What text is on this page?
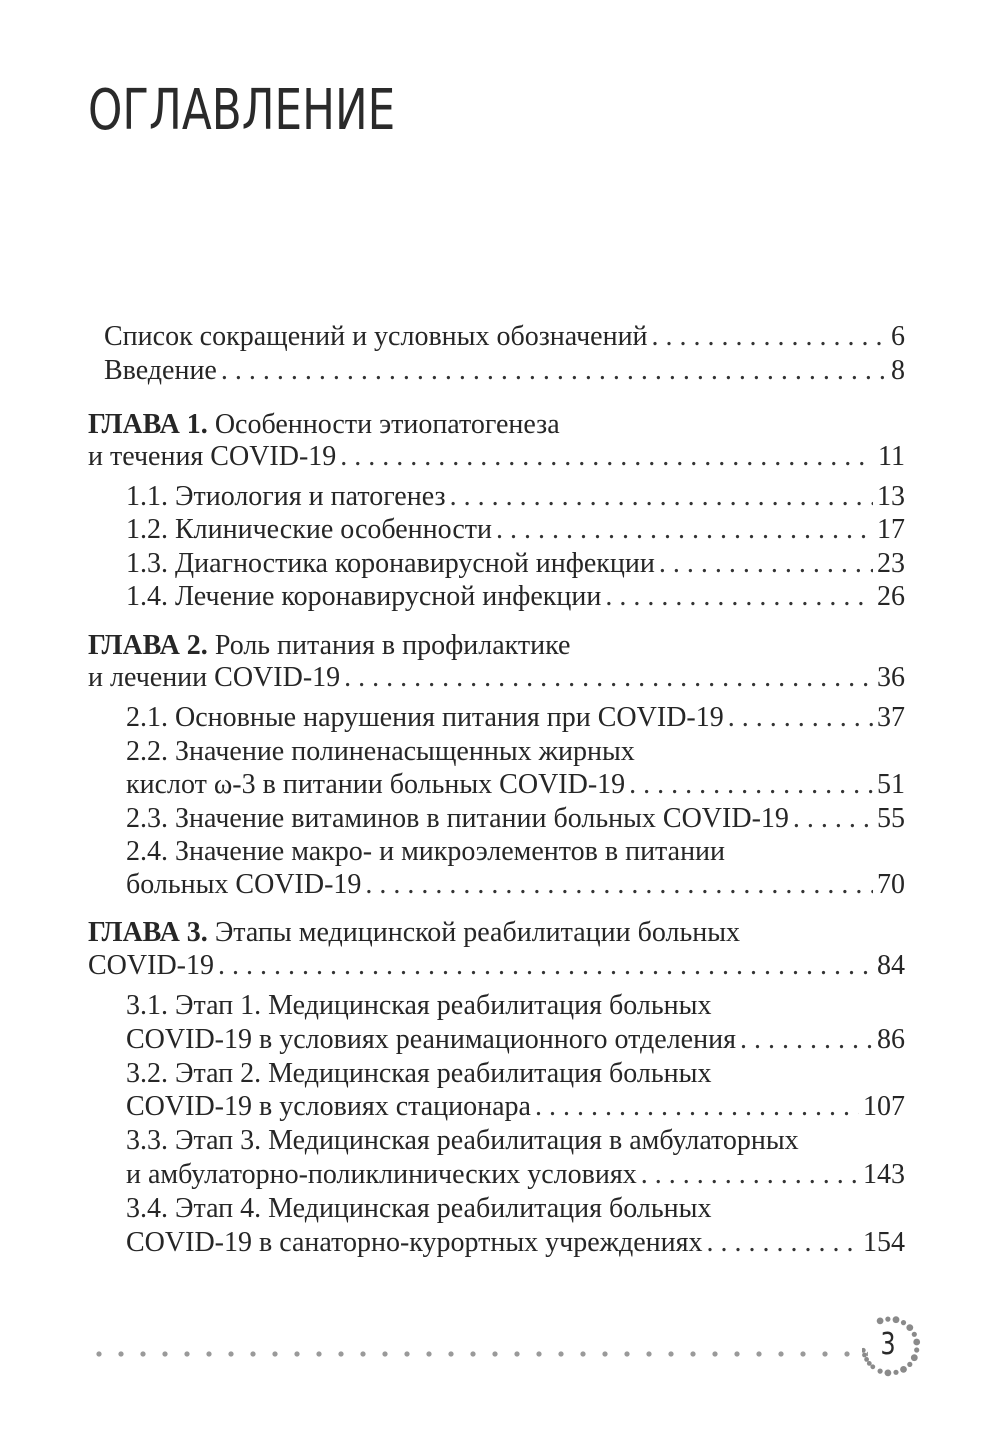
ОГЛАВЛЕНИЕ
Список сокращений и условных обозначений . . .	6
Введение . . .	8
ГЛАВА 1. Особенности этиопатогенеза
и течения COVID-19 . . .	11
1.1. Этиология и патогенез . . .	13
1.2. Клинические особенности . . .	17
1.3. Диагностика коронавирусной инфекции . . .	23
1.4. Лечение коронавирусной инфекции . . .	26
ГЛАВА 2. Роль питания в профилактике
и лечении COVID-19 . . .	36
2.1. Основные нарушения питания при COVID-19 . . .	37
2.2. Значение полиненасыщенных жирных
кислот ω-3 в питании больных COVID-19 . . .	51
2.3. Значение витаминов в питании больных COVID-19 . . .	55
2.4. Значение макро- и микроэлементов в питании
больных COVID-19 . . .	70
ГЛАВА 3. Этапы медицинской реабилитации больных
COVID-19 . . .	84
3.1. Этап 1. Медицинская реабилитация больных
COVID-19 в условиях реанимационного отделения . . .	86
3.2. Этап 2. Медицинская реабилитация больных
COVID-19 в условиях стационара . . .	107
3.3. Этап 3. Медицинская реабилитация в амбулаторных
и амбулаторно-поликлинических условиях . . .	143
3.4. Этап 4. Медицинская реабилитация больных
COVID-19 в санаторно-курортных учреждениях . . .	154
3
